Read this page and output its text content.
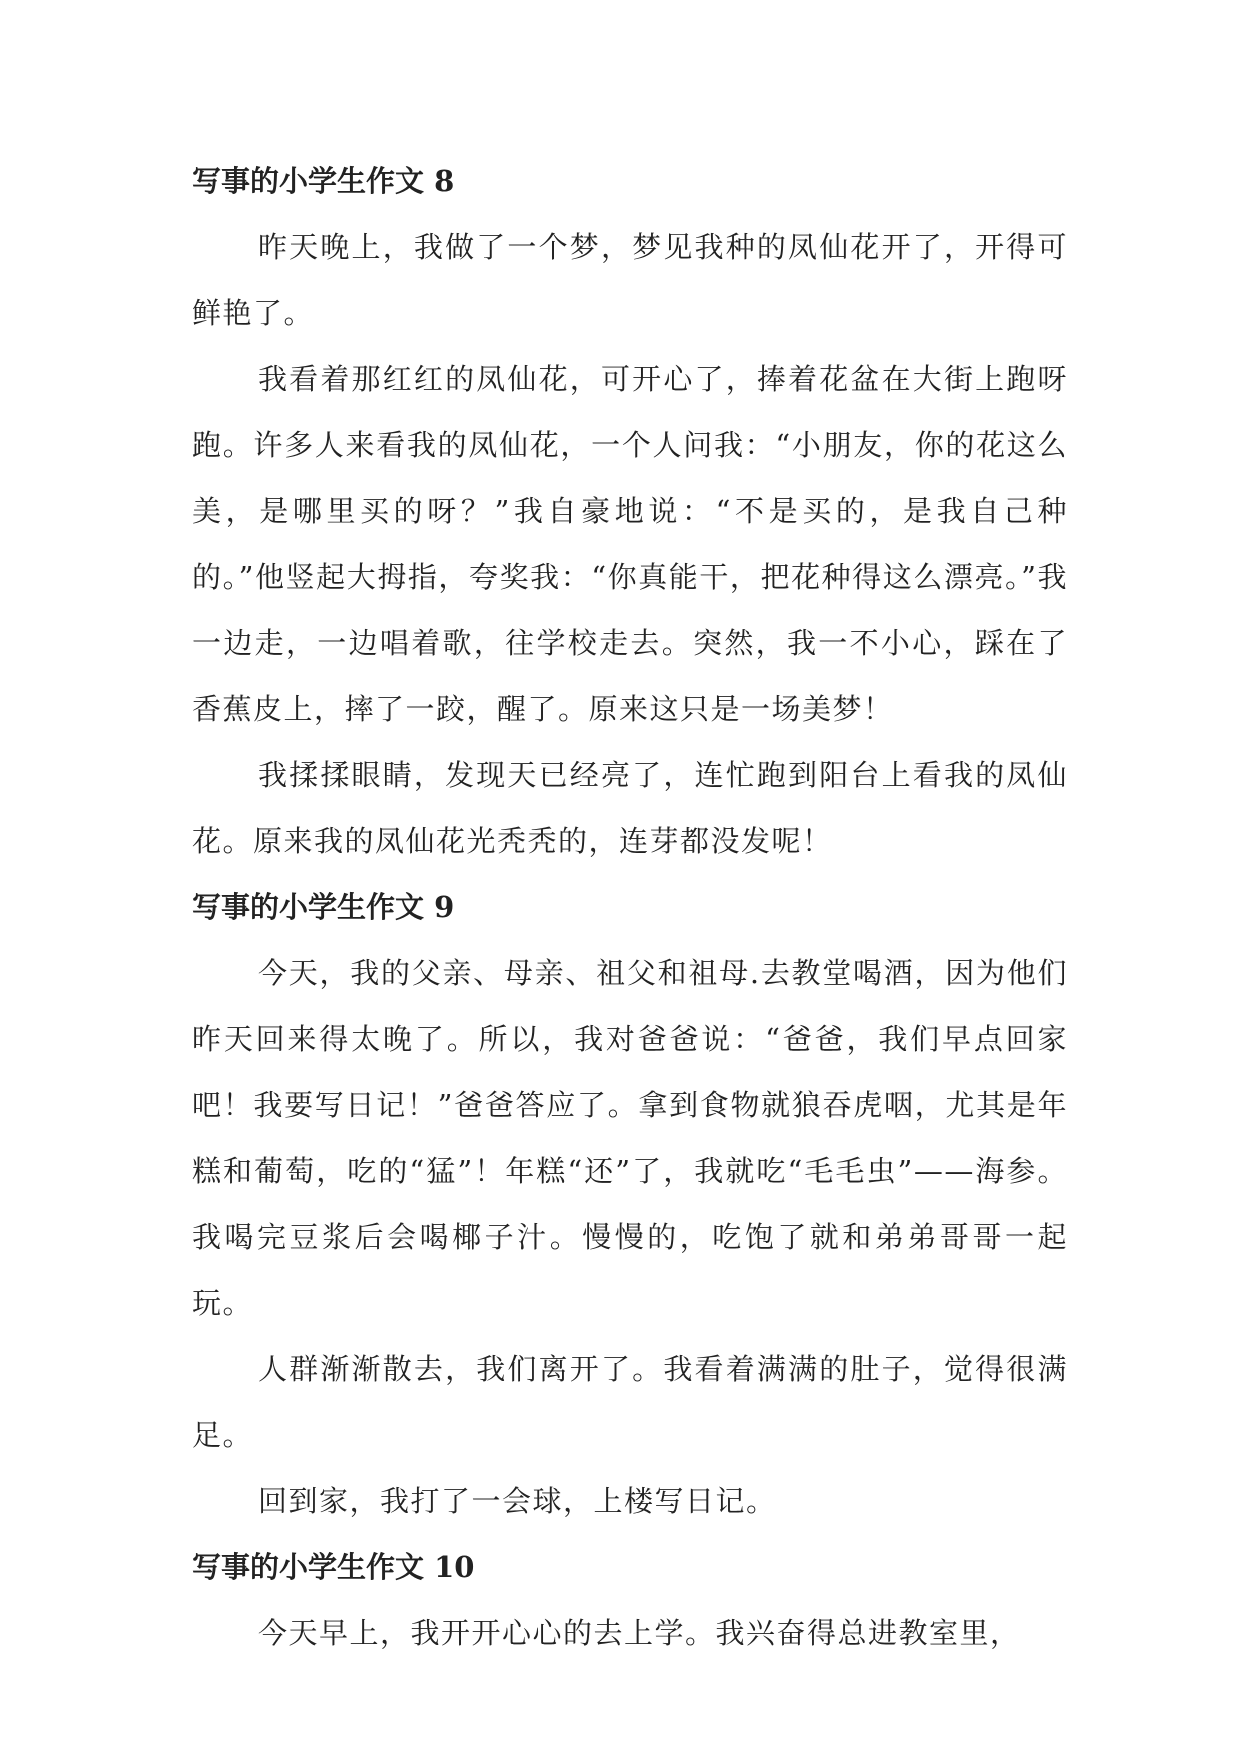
写事的小学生作文 8

昨天晚上，我做了一个梦，梦见我种的凤仙花开了，开得可鲜艳了。

我看着那红红的凤仙花，可开心了，捧着花盆在大街上跑呀跑。许多人来看我的凤仙花，一个人问我：“小朋友，你的花这么美，是哪里买的呀？”我自豪地说：“不是买的，是我自己种的。”他竖起大拇指，夸奖我：“你真能干，把花种得这么漂亮。”我一边走，一边唱着歌，往学校走去。突然，我一不小心，踩在了香蕉皮上，摔了一跤，醒了。原来这只是一场美梦！

我揉揉眼睛，发现天已经亮了，连忙跑到阳台上看我的凤仙花。原来我的凤仙花光秃秃的，连芽都没发呢！

写事的小学生作文 9

今天，我的父亲、母亲、祖父和祖母.去教堂喝酒，因为他们昨天回来得太晚了。所以，我对爸爸说：“爸爸，我们早点回家吧！我要写日记！”爸爸答应了。拿到食物就狼吞虎咽，尤其是年糕和葡萄，吃的“猛”！年糕“还”了，我就吃“毛毛虫”——海参。我喝完豆浆后会喝椰子汁。慢慢的，吃饱了就和弟弟哥哥一起玩。

人群渐渐散去，我们离开了。我看着满满的肚子，觉得很满足。

回到家，我打了一会球，上楼写日记。

写事的小学生作文 10

今天早上，我开开心心的去上学。我兴奋得总进教室里，
